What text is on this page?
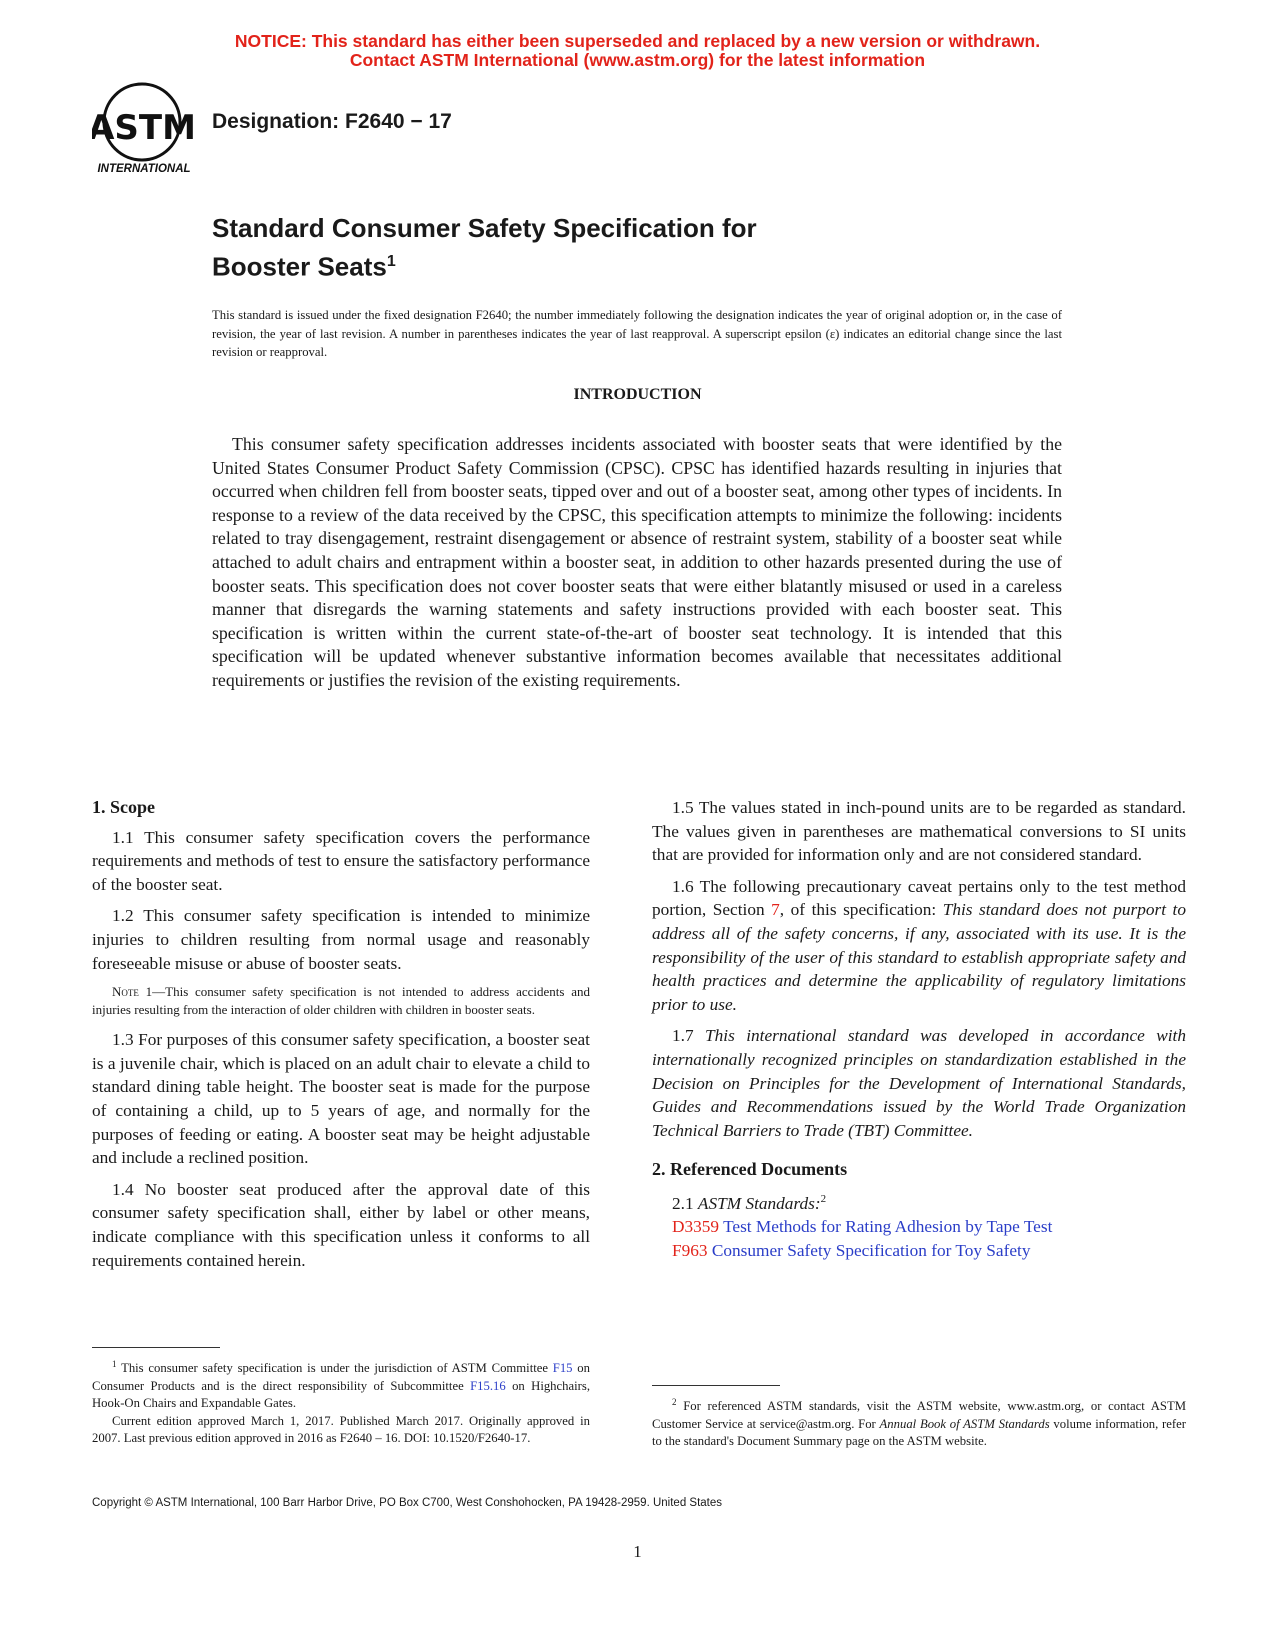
NOTICE: This standard has either been superseded and replaced by a new version or withdrawn.
Contact ASTM International (www.astm.org) for the latest information
ASTM
INTERNATIONAL
Designation: F2640 − 17
Standard Consumer Safety Specification for
Booster Seats$^1$
This standard is issued under the fixed designation F2640; the number immediately following the designation indicates the year of original adoption or, in the case of revision, the year of last revision. A number in parentheses indicates the year of last reapproval. A superscript epsilon (ε) indicates an editorial change since the last revision or reapproval.
INTRODUCTION
This consumer safety specification addresses incidents associated with booster seats that were identified by the United States Consumer Product Safety Commission (CPSC). CPSC has identified hazards resulting in injuries that occurred when children fell from booster seats, tipped over and out of a booster seat, among other types of incidents. In response to a review of the data received by the CPSC, this specification attempts to minimize the following: incidents related to tray disengagement, restraint disengagement or absence of restraint system, stability of a booster seat while attached to adult chairs and entrapment within a booster seat, in addition to other hazards presented during the use of booster seats. This specification does not cover booster seats that were either blatantly misused or used in a careless manner that disregards the warning statements and safety instructions provided with each booster seat. This specification is written within the current state-of-the-art of booster seat technology. It is intended that this specification will be updated whenever substantive information becomes available that necessitates additional requirements or justifies the revision of the existing requirements.
1. Scope

1.1 This consumer safety specification covers the performance requirements and methods of test to ensure the satisfactory performance of the booster seat.

1.2 This consumer safety specification is intended to minimize injuries to children resulting from normal usage and reasonably foreseeable misuse or abuse of booster seats.

Note 1—This consumer safety specification is not intended to address accidents and injuries resulting from the interaction of older children with children in booster seats.

1.3 For purposes of this consumer safety specification, a booster seat is a juvenile chair, which is placed on an adult chair to elevate a child to standard dining table height. The booster seat is made for the purpose of containing a child, up to 5 years of age, and normally for the purposes of feeding or eating. A booster seat may be height adjustable and include a reclined position.

1.4 No booster seat produced after the approval date of this consumer safety specification shall, either by label or other means, indicate compliance with this specification unless it conforms to all requirements contained herein.

$^1$ This consumer safety specification is under the jurisdiction of ASTM Committee F15 on Consumer Products and is the direct responsibility of Subcommittee F15.16 on Highchairs, Hook-On Chairs and Expandable Gates.

Current edition approved March 1, 2017. Published March 2017. Originally approved in 2007. Last previous edition approved in 2016 as F2640 – 16. DOI: 10.1520/F2640-17.

1.5 The values stated in inch-pound units are to be regarded as standard. The values given in parentheses are mathematical conversions to SI units that are provided for information only and are not considered standard.

1.6 The following precautionary caveat pertains only to the test method portion, Section 7, of this specification: This standard does not purport to address all of the safety concerns, if any, associated with its use. It is the responsibility of the user of this standard to establish appropriate safety and health practices and determine the applicability of regulatory limitations prior to use.

1.7 This international standard was developed in accordance with internationally recognized principles on standardization established in the Decision on Principles for the Development of International Standards, Guides and Recommendations issued by the World Trade Organization Technical Barriers to Trade (TBT) Committee.

2. Referenced Documents

2.1 ASTM Standards:$^2$

D3359 Test Methods for Rating Adhesion by Tape Test

F963 Consumer Safety Specification for Toy Safety

$^2$ For referenced ASTM standards, visit the ASTM website, www.astm.org, or contact ASTM Customer Service at service@astm.org. For Annual Book of ASTM Standards volume information, refer to the standard's Document Summary page on the ASTM website.

Copyright © ASTM International, 100 Barr Harbor Drive, PO Box C700, West Conshohocken, PA 19428-2959. United States
1
